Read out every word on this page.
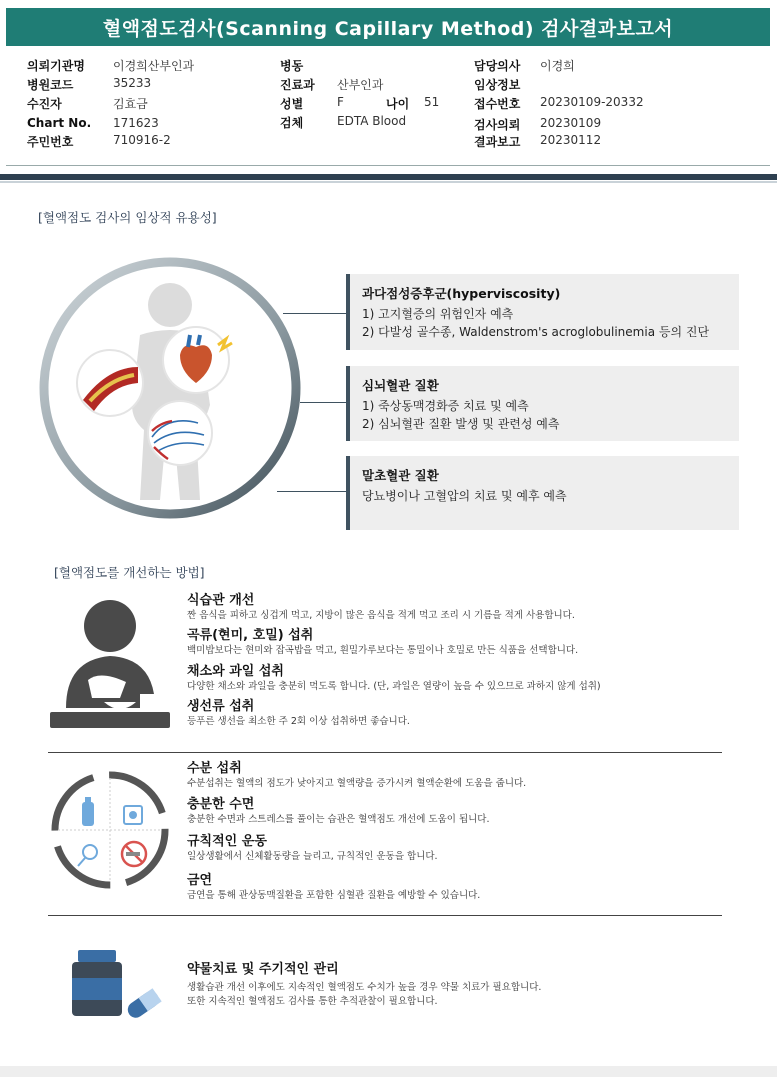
혈액점도검사(Scanning Capillary Method) 검사결과보고서
의뢰기관명 이경희산부인과
병원코드	35233
수진자	김효금
Chart No. 171623
주민번호	710916-2
병동
진료과 산부인과
성별	F	나이 51
검체	EDTA Blood
담당의사 이경희
임상정보
접수번호 20230109-20332
검사의뢰 20230109
결과보고 20230112
[혈액점도 검사의 임상적 유용성]
과다점성증후군(hyperviscosity)
1) 고지혈증의 위험인자 예측
2) 다발성 골수종, Waldenstrom's acroglobulinemia 등의 진단
심뇌혈관 질환
1) 죽상동맥경화증 치료 및 예측
2) 심뇌혈관 질환 발생 및 관련성 예측
말초혈관 질환
당뇨병이나 고혈압의 치료 및 예후 예측
[혈액점도를 개선하는 방법]
식습관 개선
짠 음식을 피하고 싱겁게 먹고, 지방이 많은 음식을 적게 먹고 조리 시 기름을 적게 사용합니다.
곡류(현미, 호밀) 섭취
백미밥보다는 현미와 잡곡밥을 먹고, 흰밀가루보다는 통밀이나 호밀로 만든 식품을 선택합니다.
채소와 과일 섭취
다양한 채소와 과일을 충분히 먹도록 합니다. (단, 과일은 열량이 높을 수 있으므로 과하지 않게 섭취)
생선류 섭취
등푸른 생선을 최소한 주 2회 이상 섭취하면 좋습니다.
수분 섭취
수분섭취는 혈액의 점도가 낮아지고 혈액량을 증가시켜 혈액순환에 도움을 줍니다.
충분한 수면
충분한 수면과 스트레스를 풀이는 습관은 혈액점도 개선에 도움이 됩니다.
규칙적인 운동
일상생활에서 신체활동량을 늘리고, 규칙적인 운동을 합니다.
금연
금연을 통해 관상동맥질환을 포함한 심혈관 질환을 예방할 수 있습니다.
약물치료 및 주기적인 관리
생활습관 개선 이후에도 지속적인 혈액점도 수치가 높을 경우 약물 치료가 필요합니다.
또한 지속적인 혈액점도 검사를 통한 추적관찰이 필요합니다.
